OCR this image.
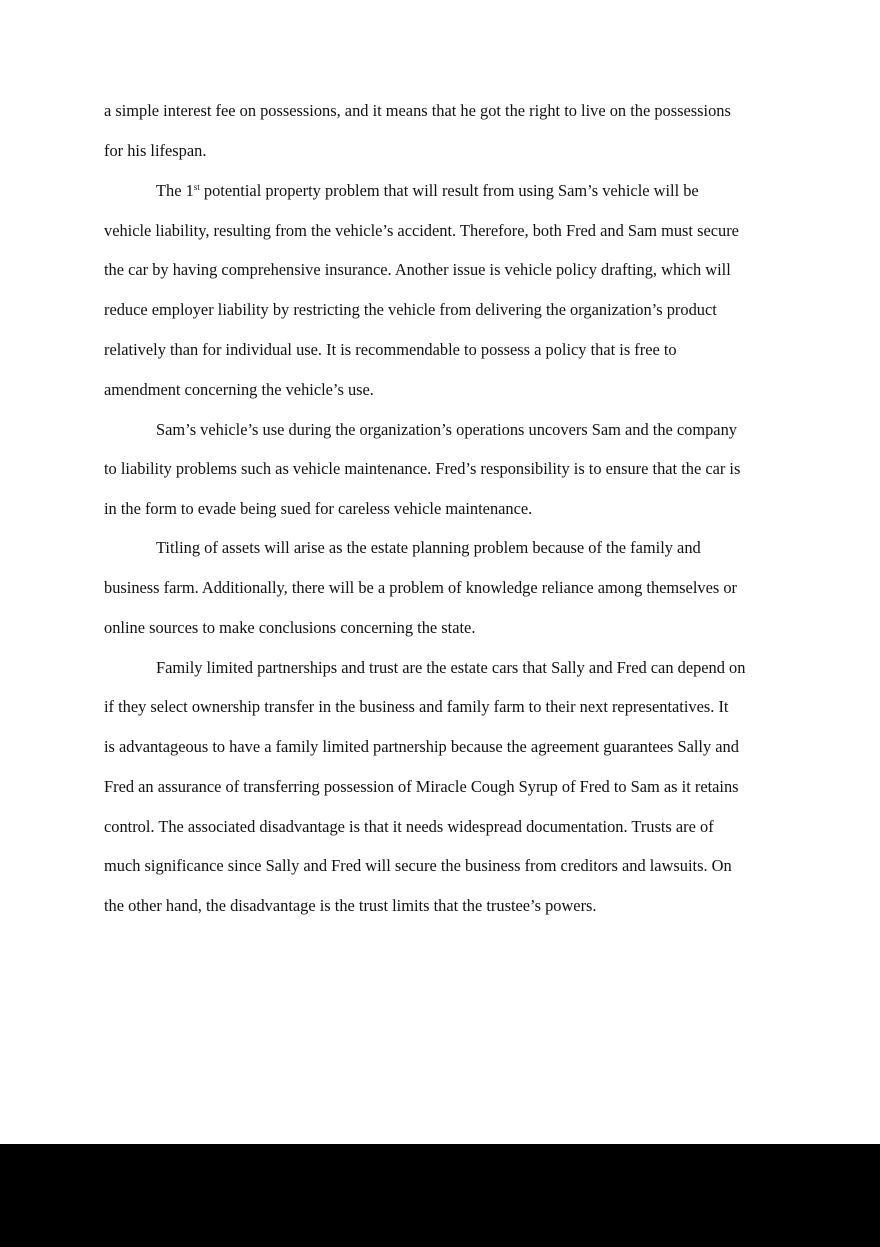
a simple interest fee on possessions, and it means that he got the right to live on the possessions
for his lifespan.
The 1st potential property problem that will result from using Sam’s vehicle will be
vehicle liability, resulting from the vehicle’s accident. Therefore, both Fred and Sam must secure
the car by having comprehensive insurance. Another issue is vehicle policy drafting, which will
reduce employer liability by restricting the vehicle from delivering the organization’s product
relatively than for individual use. It is recommendable to possess a policy that is free to
amendment concerning the vehicle’s use.
Sam’s vehicle’s use during the organization’s operations uncovers Sam and the company
to liability problems such as vehicle maintenance. Fred’s responsibility is to ensure that the car is
in the form to evade being sued for careless vehicle maintenance.
Titling of assets will arise as the estate planning problem because of the family and
business farm. Additionally, there will be a problem of knowledge reliance among themselves or
online sources to make conclusions concerning the state.
Family limited partnerships and trust are the estate cars that Sally and Fred can depend on
if they select ownership transfer in the business and family farm to their next representatives. It
is advantageous to have a family limited partnership because the agreement guarantees Sally and
Fred an assurance of transferring possession of Miracle Cough Syrup of Fred to Sam as it retains
control. The associated disadvantage is that it needs widespread documentation. Trusts are of
much significance since Sally and Fred will secure the business from creditors and lawsuits. On
the other hand, the disadvantage is the trust limits that the trustee’s powers.
